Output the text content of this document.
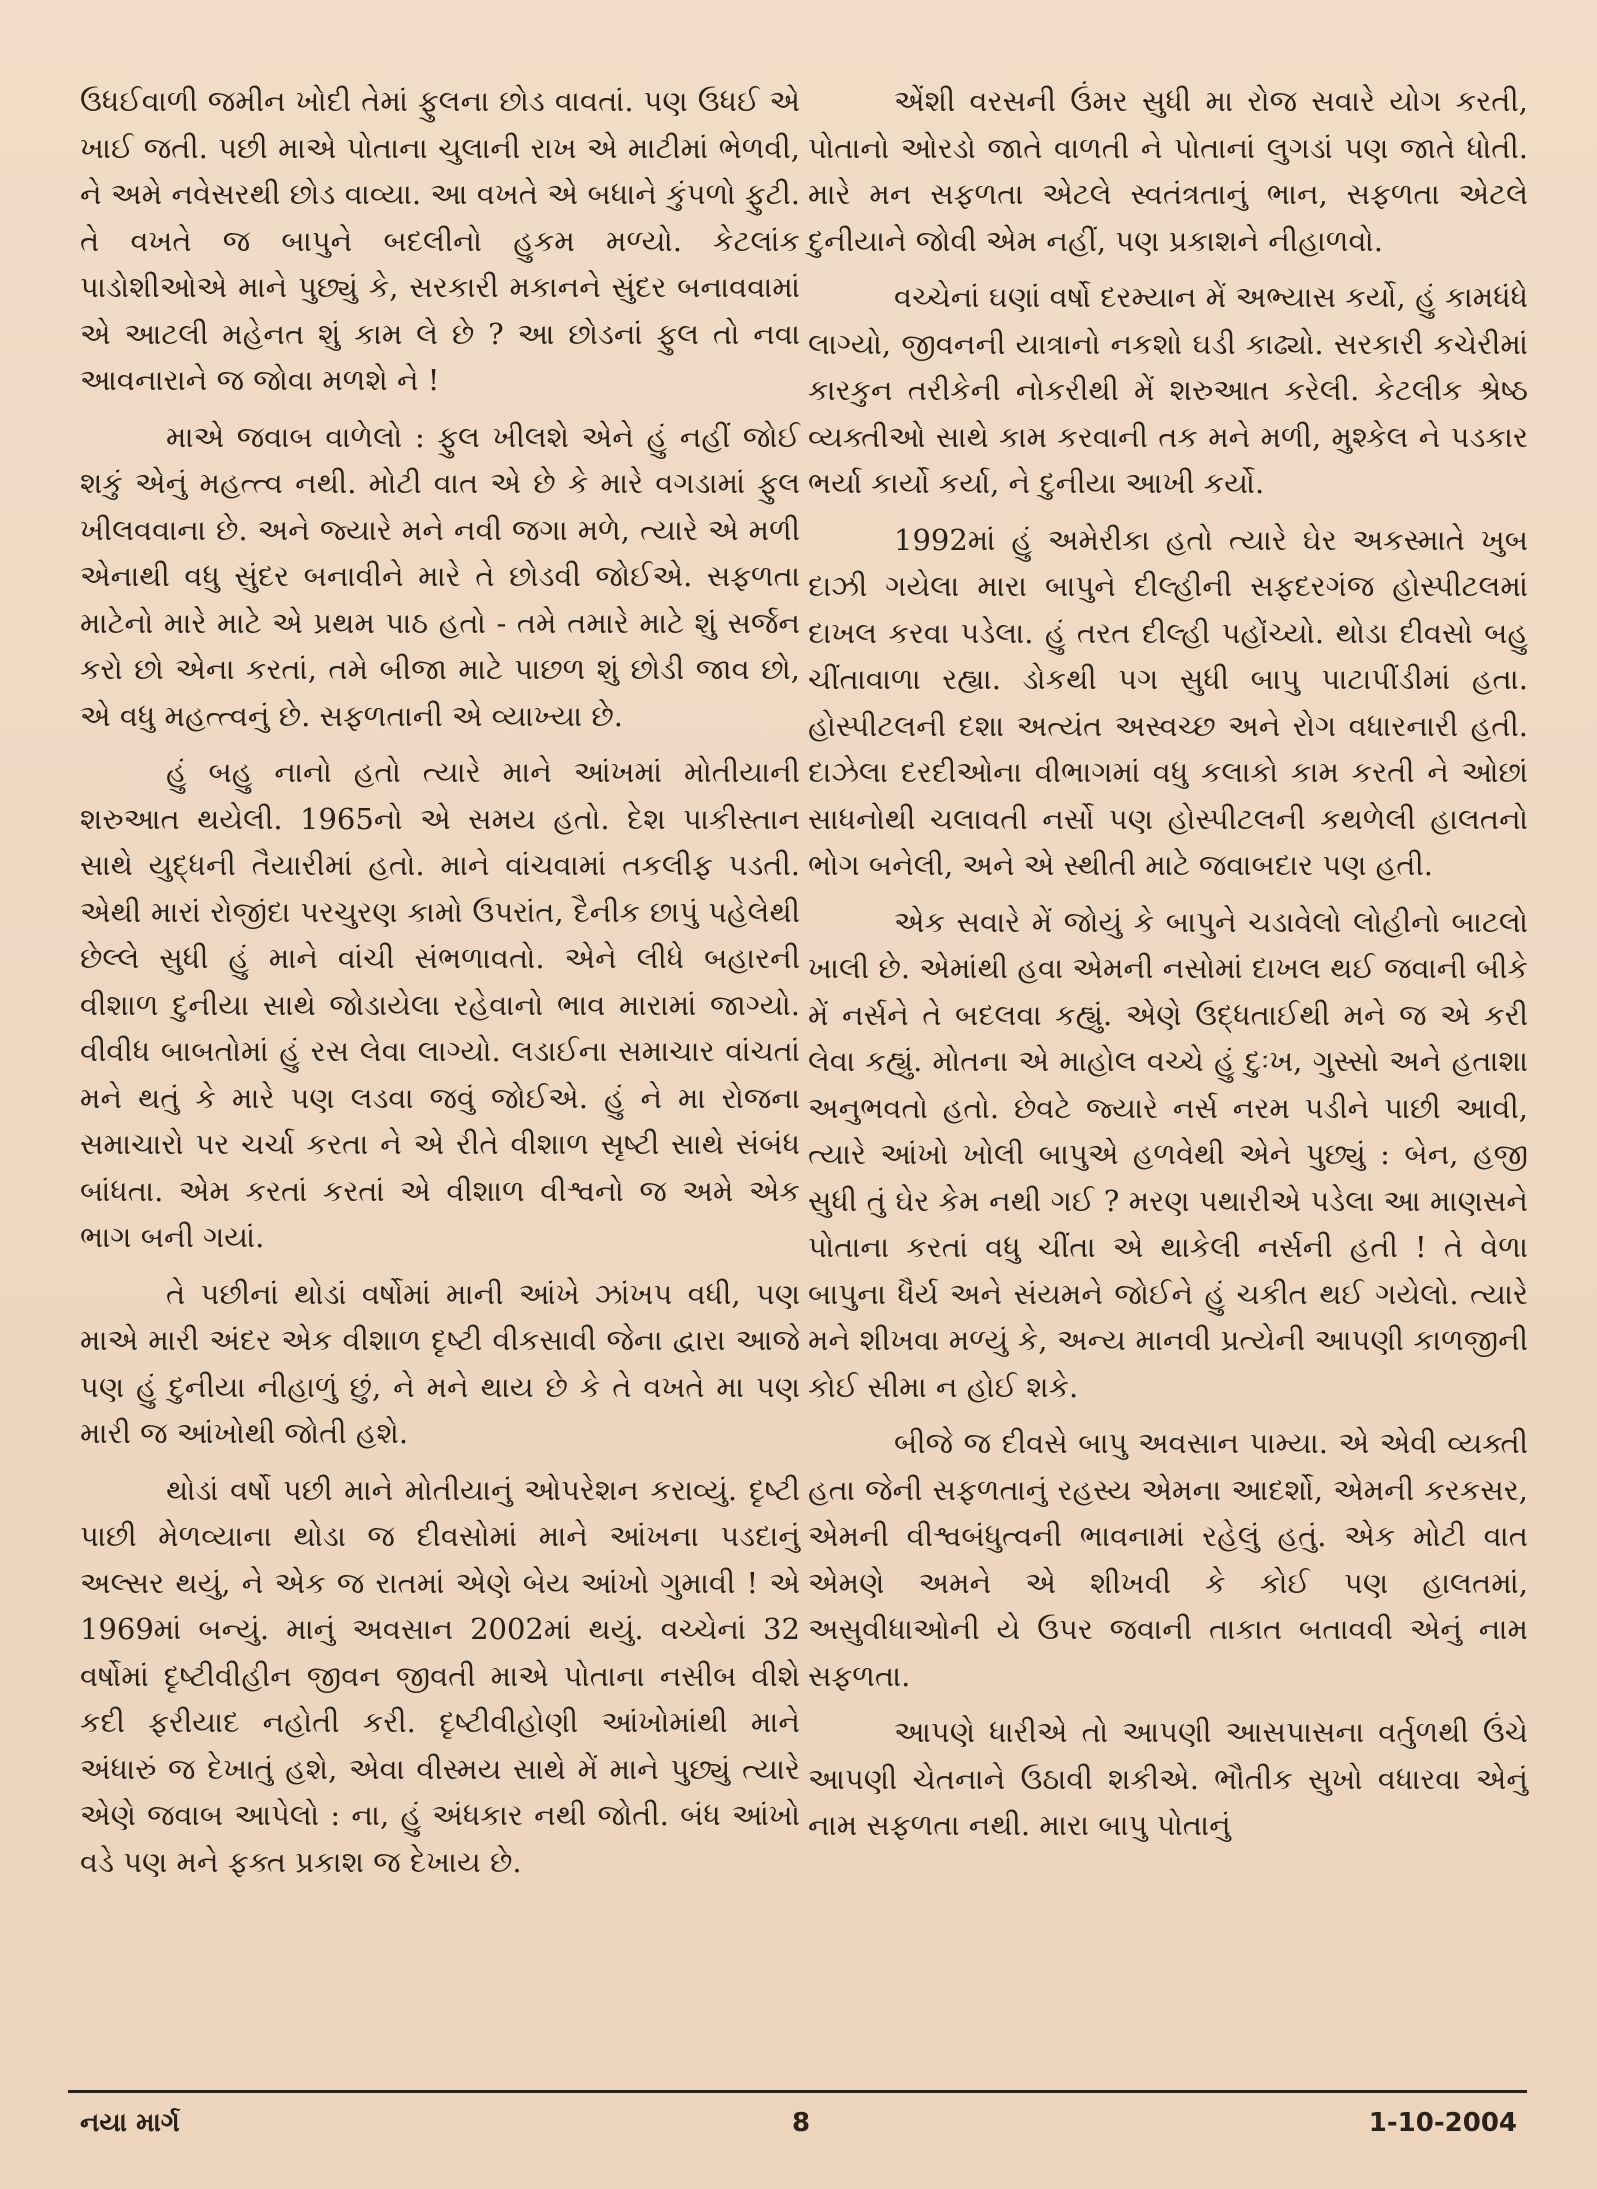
ઉધઈવાળી જમીન ખોદી તેમાં ફુલના છોડ વાવતાં. પણ ઉધઈ એ ખાઈ જતી. પછી માએ પોતાના ચુલાની રાખ એ માટીમાં ભેળવી, ને અમે નવેસરથી છોડ વાવ્યા. આ વખતે એ બધાને કુંપળો ફુટી. તે વખતે જ બાપુને બદલીનો હુકમ મળ્યો. કેટલાંક પાડોશીઓએ માને પુછ્યું કે, સરકારી મકાનને સુંદર બનાવવામાં એ આટલી મહેનત શું કામ લે છે ? આ છોડનાં ફુલ તો નવા આવનારાને જ જોવા મળશે ને !

માએ જવાબ વાળેલો : ફુલ ખીલશે એને હું નહીં જોઈ શકું એનું મહત્ત્વ નથી. મોટી વાત એ છે કે મારે વગડામાં ફુલ ખીલવવાના છે. અને જ્યારે મને નવી જગા મળે, ત્યારે એ મળી એનાથી વધુ સુંદર બનાવીને મારે તે છોડવી જોઈએ. સફળતા માટેનો મારે માટે એ પ્રથમ પાઠ હતો - તમે તમારે માટે શું સર્જન કરો છો એના કરતાં, તમે બીજા માટે પાછળ શું છોડી જાવ છો, એ વધુ મહત્ત્વનું છે. સફળતાની એ વ્યાખ્યા છે.

હું બહુ નાનો હતો ત્યારે માને આંખમાં મોતીયાની શરુઆત થયેલી. 1965નો એ સમય હતો. દેશ પાકીસ્તાન સાથે યુદ્ધની તૈયારીમાં હતો. માને વાંચવામાં તકલીફ પડતી. એથી મારાં રોજીંદા પરચુરણ કામો ઉપરાંત, દૈનીક છાપું પહેલેથી છેલ્લે સુધી હું માને વાંચી સંભળાવતો. એને લીધે બહારની વીશાળ દુનીયા સાથે જોડાયેલા રહેવાનો ભાવ મારામાં જાગ્યો. વીવીધ બાબતોમાં હું રસ લેવા લાગ્યો. લડાઈના સમાચાર વાંચતાં મને થતું કે મારે પણ લડવા જવું જોઈએ. હું ને મા રોજના સમાચારો પર ચર્ચા કરતા ને એ રીતે વીશાળ સૃષ્ટી સાથે સંબંધ બાંધતા. એમ કરતાં કરતાં એ વીશાળ વીશ્વનો જ અમે એક ભાગ બની ગયાં.

તે પછીનાં થોડાં વર્ષોમાં માની આંખે ઝાંખપ વધી, પણ માએ મારી અંદર એક વીશાળ દૃષ્ટી વીકસાવી જેના દ્વારા આજે પણ હું દુનીયા નીહાળું છું, ને મને થાય છે કે તે વખતે મા પણ મારી જ આંખોથી જોતી હશે.

થોડાં વર્ષો પછી માને મોતીયાનું ઓપરેશન કરાવ્યું. દૃષ્ટી પાછી મેળવ્યાના થોડા જ દીવસોમાં માને આંખના પડદાનું અલ્સર થયું, ને એક જ રાતમાં એણે બેય આંખો ગુમાવી ! એ 1969માં બન્યું. માનું અવસાન 2002માં થયું. વચ્ચેનાં 32 વર્ષોમાં દૃષ્ટીવીહીન જીવન જીવતી માએ પોતાના નસીબ વીશે કદી ફરીયાદ નહોતી કરી. દૃષ્ટીવીહોણી આંખોમાંથી માને અંધારું જ દેખાતું હશે, એવા વીસ્મય સાથે મેં માને પુછ્યું ત્યારે એણે જવાબ આપેલો : ના, હું અંધકાર નથી જોતી. બંધ આંખો વડે પણ મને ફક્ત પ્રકાશ જ દેખાય છે.

એંશી વરસની ઉંમર સુધી મા રોજ સવારે યોગ કરતી, પોતાનો ઓરડો જાતે વાળતી ને પોતાનાં લુગડાં પણ જાતે ધોતી. મારે મન સફળતા એટલે સ્વતંત્રતાનું ભાન, સફળતા એટલે દુનીયાને જોવી એમ નહીં, પણ પ્રકાશને નીહાળવો.

વચ્ચેનાં ઘણાં વર્ષો દરમ્યાન મેં અભ્યાસ કર્યો, હું કામધંધે લાગ્યો, જીવનની યાત્રાનો નકશો ઘડી કાઢ્યો. સરકારી કચેરીમાં કારકુન તરીકેની નોકરીથી મેં શરુઆત કરેલી. કેટલીક શ્રેષ્ઠ વ્યક્તીઓ સાથે કામ કરવાની તક મને મળી, મુશ્કેલ ને પડકાર ભર્યા કાર્યો કર્યા, ને દુનીયા આખી કર્યો.

1992માં હું અમેરીકા હતો ત્યારે ઘેર અકસ્માતે ખુબ દાઝી ગયેલા મારા બાપુને દીલ્હીની સફદરગંજ હોસ્પીટલમાં દાખલ કરવા પડેલા. હું તરત દીલ્હી પહોંચ્યો. થોડા દીવસો બહુ ચીંતાવાળા રહ્યા. ડોકથી પગ સુધી બાપુ પાટાપીંડીમાં હતા. હોસ્પીટલની દશા અત્યંત અસ્વચ્છ અને રોગ વધારનારી હતી. દાઝેલા દરદીઓના વીભાગમાં વધુ કલાકો કામ કરતી ને ઓછાં સાધનોથી ચલાવતી નર્સો પણ હોસ્પીટલની કથળેલી હાલતનો ભોગ બનેલી, અને એ સ્થીતી માટે જવાબદાર પણ હતી.

એક સવારે મેં જોયું કે બાપુને ચડાવેલો લોહીનો બાટલો ખાલી છે. એમાંથી હવા એમની નસોમાં દાખલ થઈ જવાની બીકે મેં નર્સને તે બદલવા કહ્યું. એણે ઉદ્ધતાઈથી મને જ એ કરી લેવા કહ્યું. મોતના એ માહોલ વચ્ચે હું દુઃખ, ગુસ્સો અને હતાશા અનુભવતો હતો. છેવટે જ્યારે નર્સ નરમ પડીને પાછી આવી, ત્યારે આંખો ખોલી બાપુએ હળવેથી એને પુછ્યું : બેન, હજી સુધી તું ઘેર કેમ નથી ગઈ ? મરણ પથારીએ પડેલા આ માણસને પોતાના કરતાં વધુ ચીંતા એ થાકેલી નર્સની હતી ! તે વેળા બાપુના ધૈર્ય અને સંયમને જોઈને હું ચકીત થઈ ગયેલો. ત્યારે મને શીખવા મળ્યું કે, અન્ય માનવી પ્રત્યેની આપણી કાળજીની કોઈ સીમા ન હોઈ શકે.

બીજે જ દીવસે બાપુ અવસાન પામ્યા. એ એવી વ્યક્તી હતા જેની સફળતાનું રહસ્ય એમના આદર્શો, એમની કરકસર, એમની વીશ્વબંધુત્વની ભાવનામાં રહેલું હતું. એક મોટી વાત એમણે અમને એ શીખવી કે કોઈ પણ હાલતમાં, અસુવીધાઓની યે ઉપર જવાની તાકાત બતાવવી એનું નામ સફળતા.

આપણે ધારીએ તો આપણી આસપાસના વર્તુળથી ઉંચે આપણી ચેતનાને ઉઠાવી શકીએ. ભૌતીક સુખો વધારવા એનું નામ સફળતા નથી. મારા બાપુ પોતાનું

નયા માર્ગ	8	1-10-2004
